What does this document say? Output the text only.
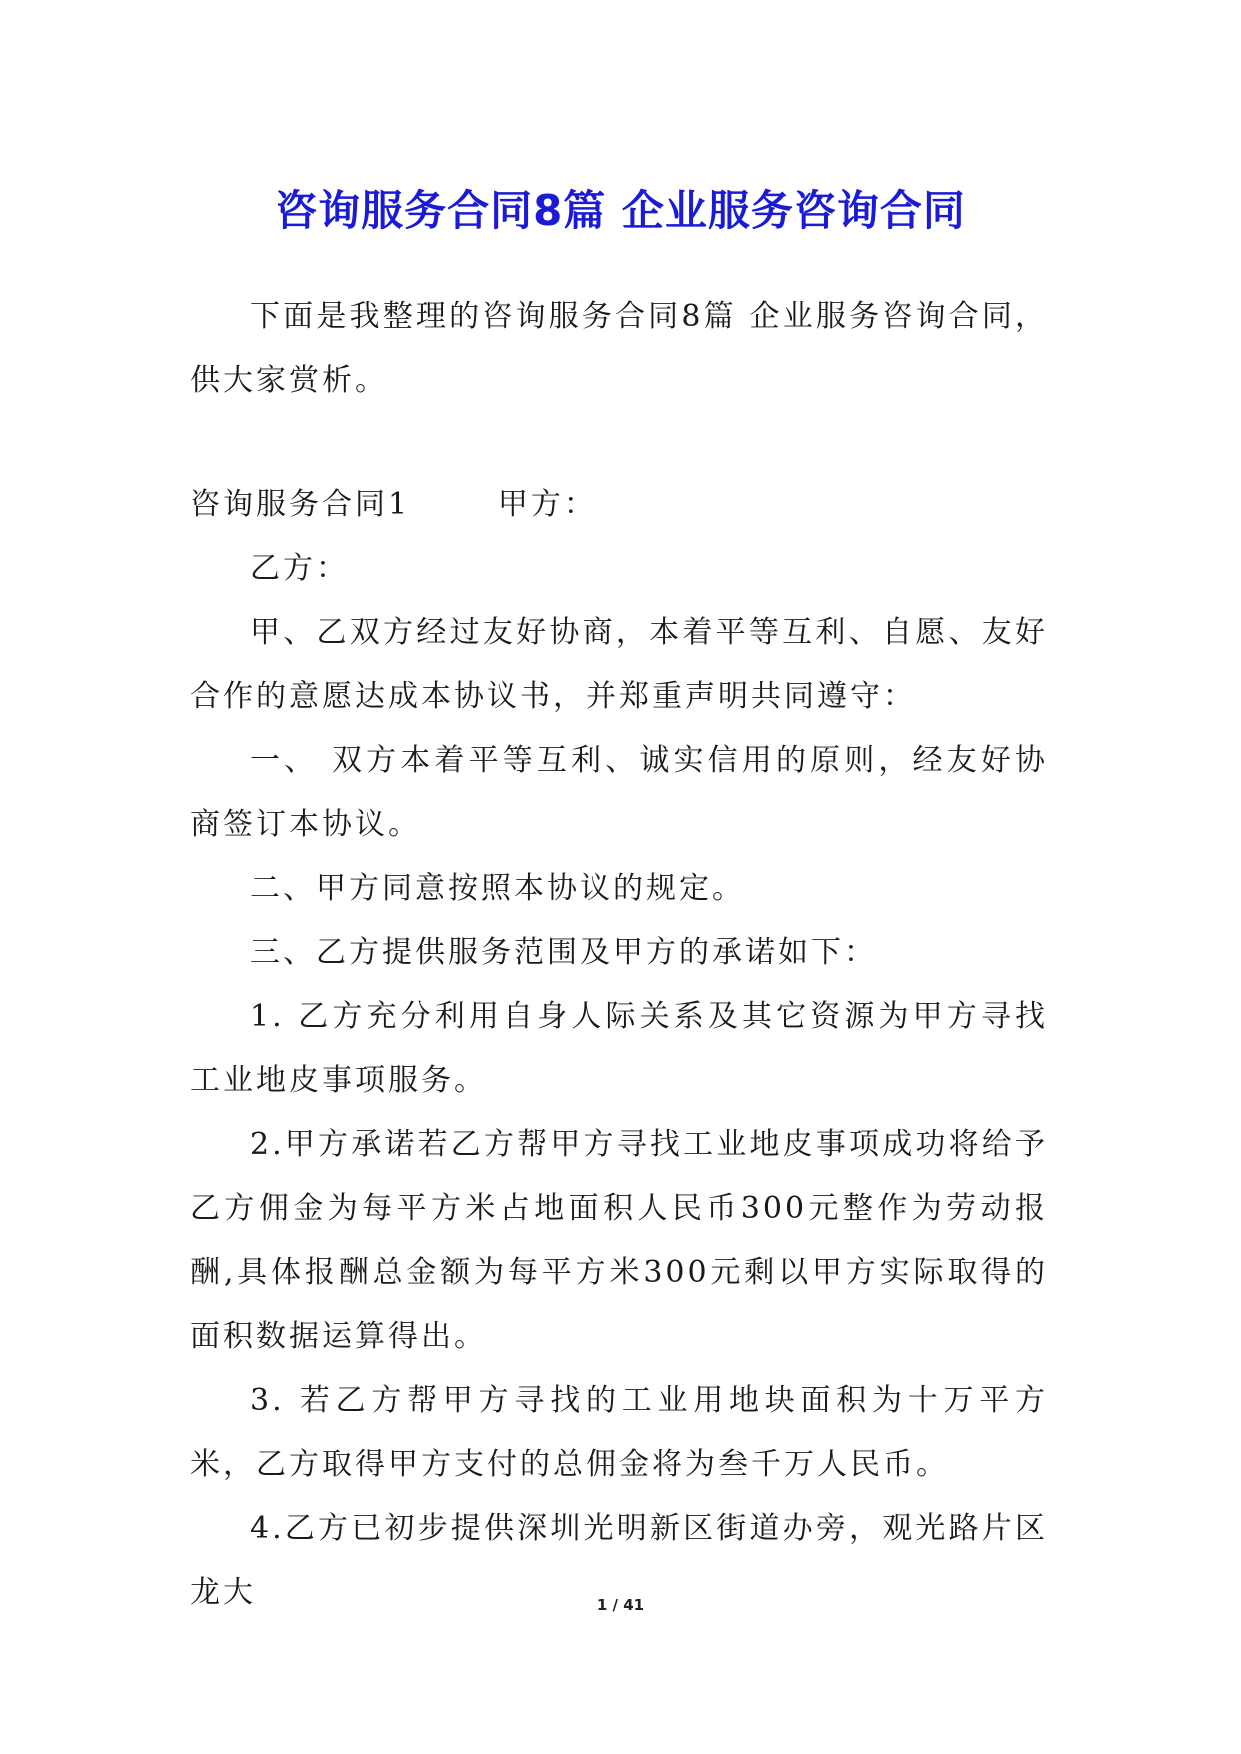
咨询服务合同8篇 企业服务咨询合同

下面是我整理的咨询服务合同8篇 企业服务咨询合同，供大家赏析。

咨询服务合同1       甲方：

乙方：

甲、乙双方经过友好协商，本着平等互利、自愿、友好合作的意愿达成本协议书，并郑重声明共同遵守：

一、 双方本着平等互利、诚实信用的原则，经友好协商签订本协议。

二、甲方同意按照本协议的规定。

三、乙方提供服务范围及甲方的承诺如下：

1. 乙方充分利用自身人际关系及其它资源为甲方寻找工业地皮事项服务。

2.甲方承诺若乙方帮甲方寻找工业地皮事项成功将给予乙方佣金为每平方米占地面积人民币300元整作为劳动报酬,具体报酬总金额为每平方米300元剩以甲方实际取得的面积数据运算得出。

3. 若乙方帮甲方寻找的工业用地块面积为十万平方米，乙方取得甲方支付的总佣金将为叁千万人民币。

4.乙方已初步提供深圳光明新区街道办旁，观光路片区龙大	1 / 41
